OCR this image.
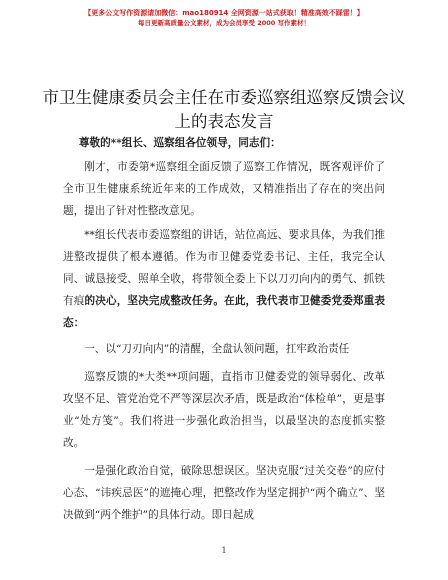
【更多公文写作资源请加微信：mao180914 全网资源一站式获取！精准高效不踩雷！】
每日更新高质量公文素材，成为会员享受 2000 写作素材！
市卫生健康委员会主任在市委巡察组巡察反馈会议上的表态发言

尊敬的**组长、巡察组各位领导，同志们：

刚才，市委第*巡察组全面反馈了巡察工作情况，既客观评价了全市卫生健康系统近年来的工作成效，又精准指出了存在的突出问题，提出了针对性整改意见。

**组长代表市委巡察组的讲话，站位高远、要求具体，为我们推进整改提供了根本遵循。作为市卫健委党委书记、主任，我完全认同、诚恳接受、照单全收，将带领全委上下以刀刃向内的勇气、抓铁有痕的决心，坚决完成整改任务。在此，我代表市卫健委党委郑重表态：

一、以“刀刃向内”的清醒，全盘认领问题，扛牢政治责任

巡察反馈的*大类**项问题，直指市卫健委党的领导弱化、改革攻坚不足、管党治党不严等深层次矛盾，既是政治“体检单”，更是事业“处方笺”。我们将进一步强化政治担当，以最坚决的态度抓实整改。

一是强化政治自觉，破除思想误区。坚决克服“过关交卷”的应付心态、“讳疾忌医”的遮掩心理，把整改作为坚定拥护“两个确立”、坚决做到“两个维护”的具体行动。即日起成

1
